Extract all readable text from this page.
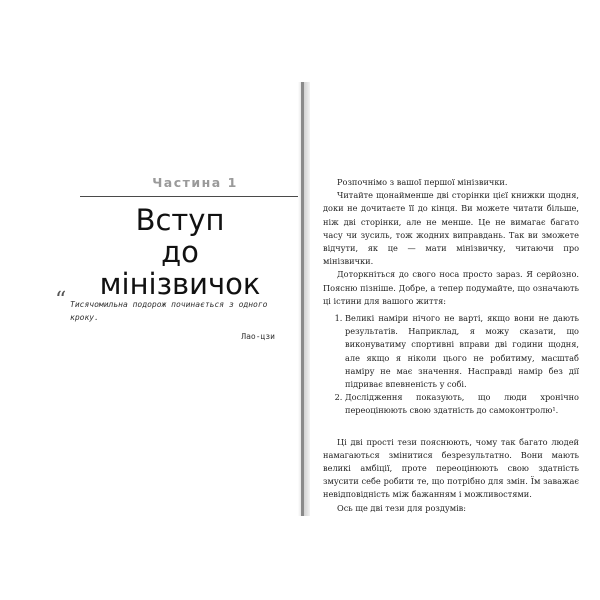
Частина 1
Вступ
до мінізвичок
“ Тисячомильна подорож починається з одного кроку.
Лао-цзи

Розпочнімо з вашої першої мінізвички.

Читайте щонайменше дві сторінки цієї книжки щодня, доки не дочитаєте її до кінця. Ви можете читати більше, ніж дві сторінки, але не менше. Це не вимагає багато часу чи зусиль, тож жодних виправдань. Так ви зможете відчути, як це — мати мінізвичку, читаючи про мінізвички.

Доторкніться до свого носа просто зараз. Я серйозно. Поясню пізніше. Добре, а тепер подумайте, що означають ці істини для вашого життя:

1. Великі наміри нічого не варті, якщо вони не дають результатів. Наприклад, я можу сказати, що виконуватиму спортивні вправи дві години щодня, але якщо я ніколи цього не робитиму, масштаб наміру не має значення. Насправді намір без дії підриває впевненість у собі.
2. Дослідження показують, що люди хронічно переоцінюють свою здатність до самоконтролю¹.

Ці дві прості тези пояснюють, чому так багато людей намагаються змінитися безрезультатно. Вони мають великі амбіції, проте переоцінюють свою здатність змусити себе робити те, що потрібно для змін. Їм заважає невідповідність між бажанням і можливостями.

Ось ще дві тези для роздумів:
